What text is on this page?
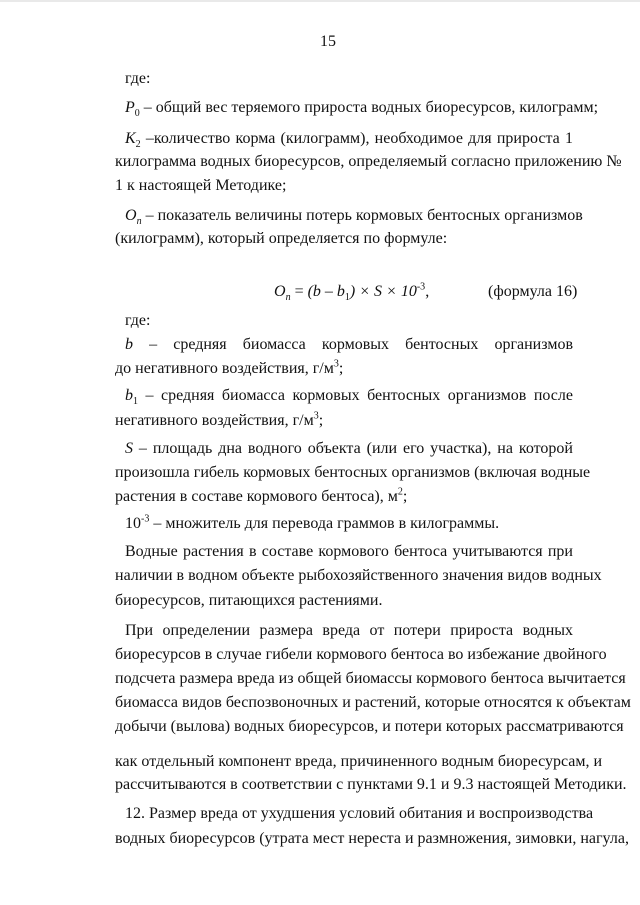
15
где:
$P_0$ – общий вес теряемого прироста водных биоресурсов, килограмм;
$K_2$ –количество корма (килограмм), необходимое для прироста 1
килограмма водных биоресурсов, определяемый согласно приложению №
1 к настоящей Методике;
$O_п$ – показатель величины потерь кормовых бентосных организмов
(килограмм), который определяется по формуле:
$O_п = (b - b_1) \times S \times 10^{-3}$,	(формула 16)
где:
b – средняя биомасса кормовых бентосных организмов
до негативного воздействия, $г/м^3$;
$b_1$ – средняя биомасса кормовых бентосных организмов после
негативного воздействия, $г/м^3$;
S – площадь дна водного объекта (или его участка), на которой
произошла гибель кормовых бентосных организмов (включая водные
растения в составе кормового бентоса), $м^2$;
$10^{-3}$ – множитель для перевода граммов в килограммы.
Водные растения в составе кормового бентоса учитываются при
наличии в водном объекте рыбохозяйственного значения видов водных
биоресурсов, питающихся растениями.
При определении размера вреда от потери прироста водных
биоресурсов в случае гибели кормового бентоса во избежание двойного
подсчета размера вреда из общей биомассы кормового бентоса вычитается
биомасса видов беспозвоночных и растений, которые относятся к объектам
добычи (вылова) водных биоресурсов, и потери которых рассматриваются
как отдельный компонент вреда, причиненного водным биоресурсам, и
рассчитываются в соответствии с пунктами 9.1 и 9.3 настоящей Методики.
12. Размер вреда от ухудшения условий обитания и воспроизводства
водных биоресурсов (утрата мест нереста и размножения, зимовки, нагула,
